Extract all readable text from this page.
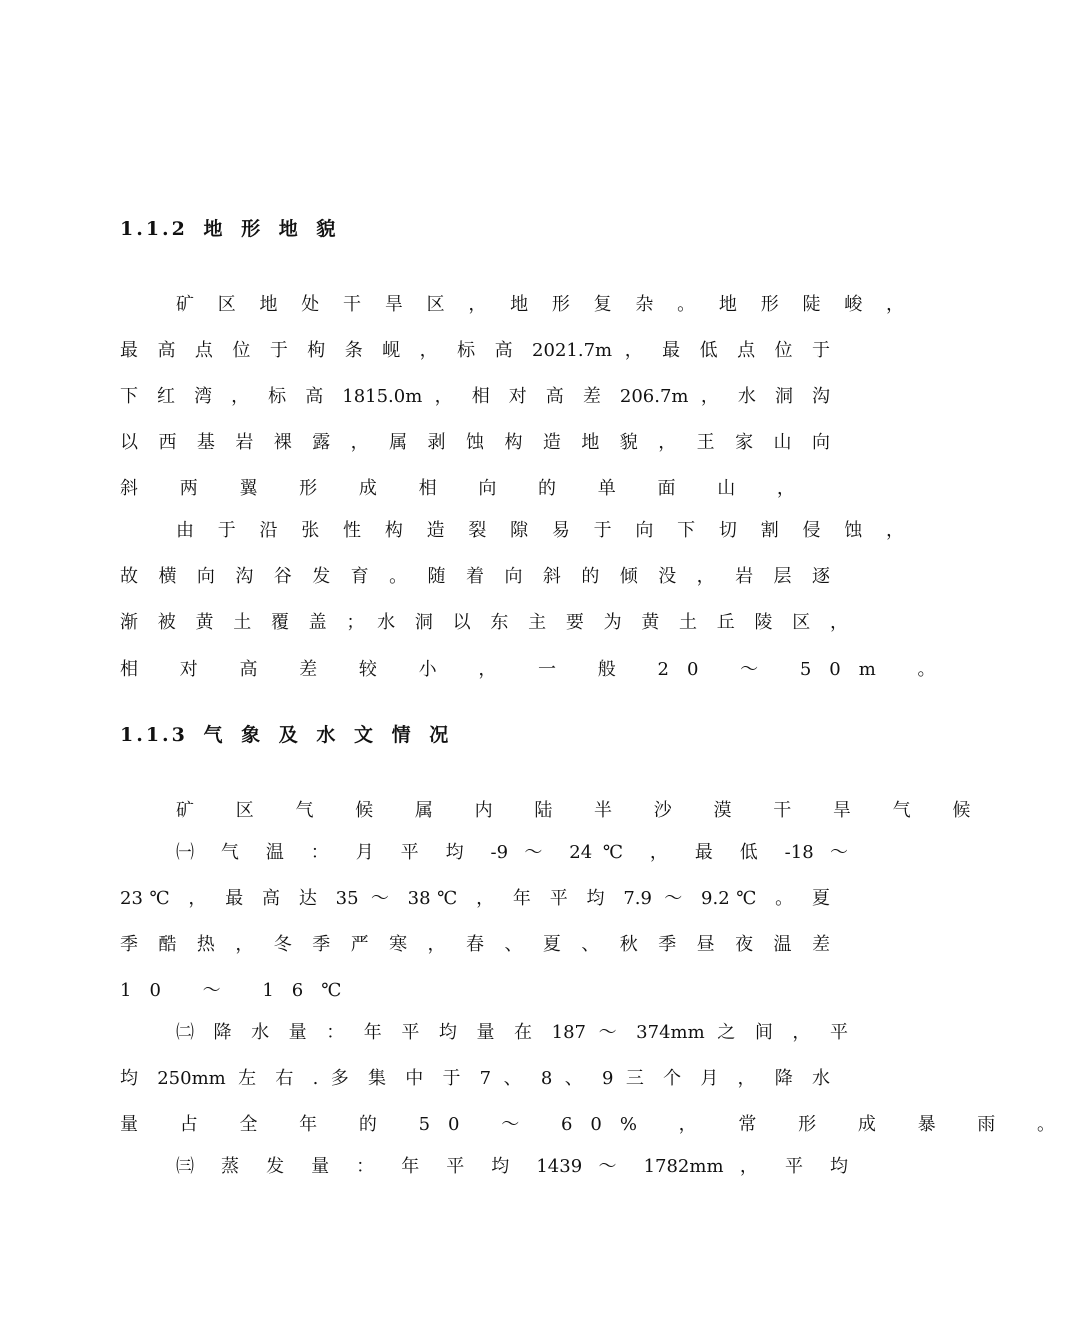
1.1.2 地 形 地 貌
矿 区 地 处 干 旱 区 ， 地 形 复 杂 。 地 形 陡 峻 ，
最 高 点 位 于 枸 条 岘 ， 标 高 2021.7m ， 最 低 点 位 于
下 红 湾 ， 标 高 1815.0m ， 相 对 高 差 206.7m ， 水 洞 沟
以 西 基 岩 裸 露 ， 属 剥 蚀 构 造 地 貌 ， 王 家 山 向
斜 两 翼 形 成 相 向 的 单 面 山 ，
由 于 沿 张 性 构 造 裂 隙 易 于 向 下 切 割 侵 蚀 ，
故 横 向 沟 谷 发 育 。 随 着 向 斜 的 倾 没 ， 岩 层 逐
渐 被 黄 土 覆 盖 ； 水 洞 以 东 主 要 为 黄 土 丘 陵 区 ，
相 对 高 差 较 小 ， 一 般 20 ～ 50m 。
1.1.3 气 象 及 水 文 情 况
矿 区 气 候 属 内 陆 半 沙 漠 干 旱 气 候
㈠ 气 温 ： 月 平 均 -9 ～ 24℃ ， 最 低 -18 ～
23℃ ， 最 高 达 35 ～ 38℃ ， 年 平 均 7.9 ～ 9.2℃ 。 夏
季 酷 热 ， 冬 季 严 寒 ， 春 、 夏 、 秋 季 昼 夜 温 差
10 ～ 16℃
㈡ 降 水 量 ： 年 平 均 量 在 187 ～ 374mm 之 间 ， 平
均 250mm 左 右 . 多 集 中 于 7 、 8 、 9 三 个 月 ， 降 水
量 占 全 年 的 50 ～ 60% ， 常 形 成 暴 雨 。
㈢ 蒸 发 量 ： 年 平 均 1439 ～ 1782mm ， 平 均
